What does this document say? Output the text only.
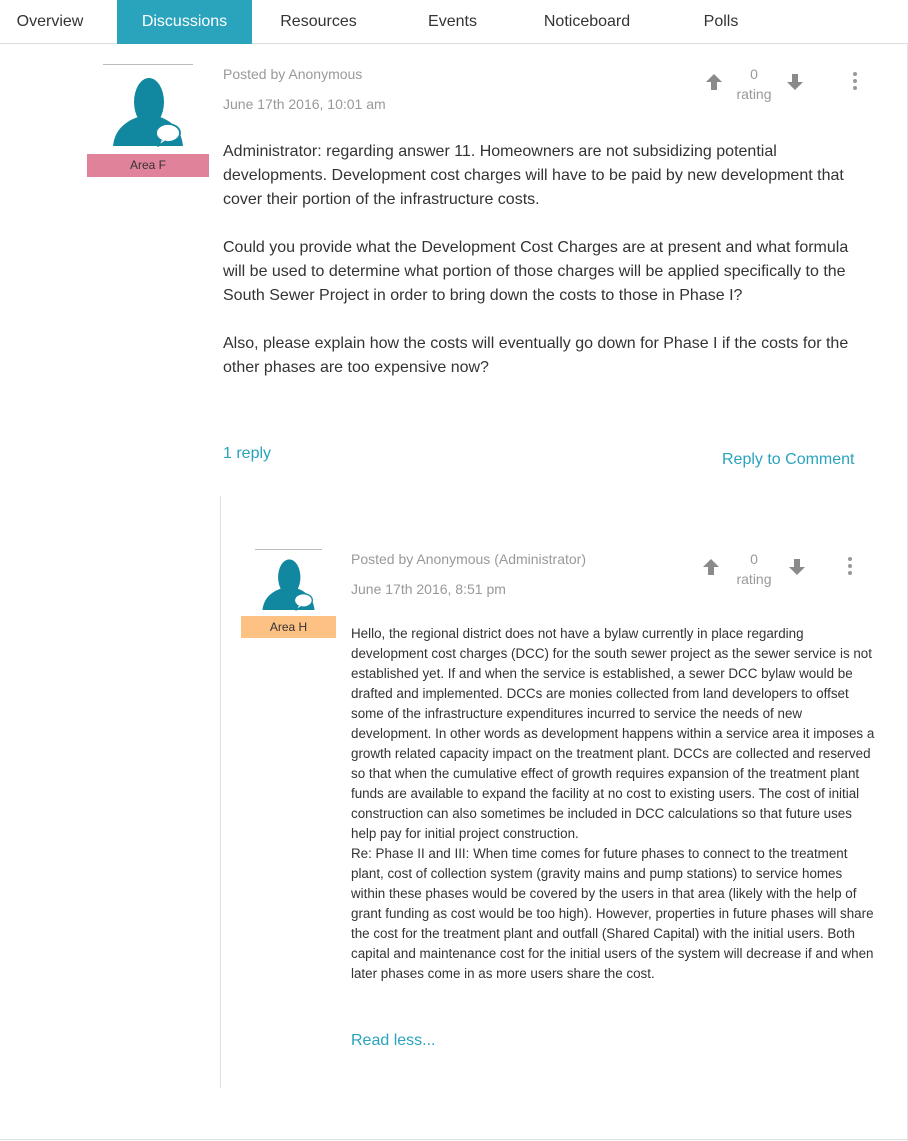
Overview	Discussions	Resources	Events	Noticeboard	Polls
Area F
Posted by Anonymous
June 17th 2016, 10:01 am
0
rating

Administrator: regarding answer 11. Homeowners are not subsidizing potential developments. Development cost charges will have to be paid by new development that cover their portion of the infrastructure costs.

Could you provide what the Development Cost Charges are at present and what formula will be used to determine what portion of those charges will be applied specifically to the South Sewer Project in order to bring down the costs to those in Phase I?

Also, please explain how the costs will eventually go down for Phase I if the costs for the other phases are too expensive now?

1 reply	Reply to Comment
Area H
Posted by Anonymous (Administrator)
June 17th 2016, 8:51 pm
0
rating

Hello, the regional district does not have a bylaw currently in place regarding development cost charges (DCC) for the south sewer project as the sewer service is not established yet. If and when the service is established, a sewer DCC bylaw would be drafted and implemented. DCCs are monies collected from land developers to offset some of the infrastructure expenditures incurred to service the needs of new development. In other words as development happens within a service area it imposes a growth related capacity impact on the treatment plant. DCCs are collected and reserved so that when the cumulative effect of growth requires expansion of the treatment plant funds are available to expand the facility at no cost to existing users. The cost of initial construction can also sometimes be included in DCC calculations so that future uses help pay for initial project construction.

Re: Phase II and III: When time comes for future phases to connect to the treatment plant, cost of collection system (gravity mains and pump stations) to service homes within these phases would be covered by the users in that area (likely with the help of grant funding as cost would be too high). However, properties in future phases will share the cost for the treatment plant and outfall (Shared Capital) with the initial users. Both capital and maintenance cost for the initial users of the system will decrease if and when later phases come in as more users share the cost.

Read less...
